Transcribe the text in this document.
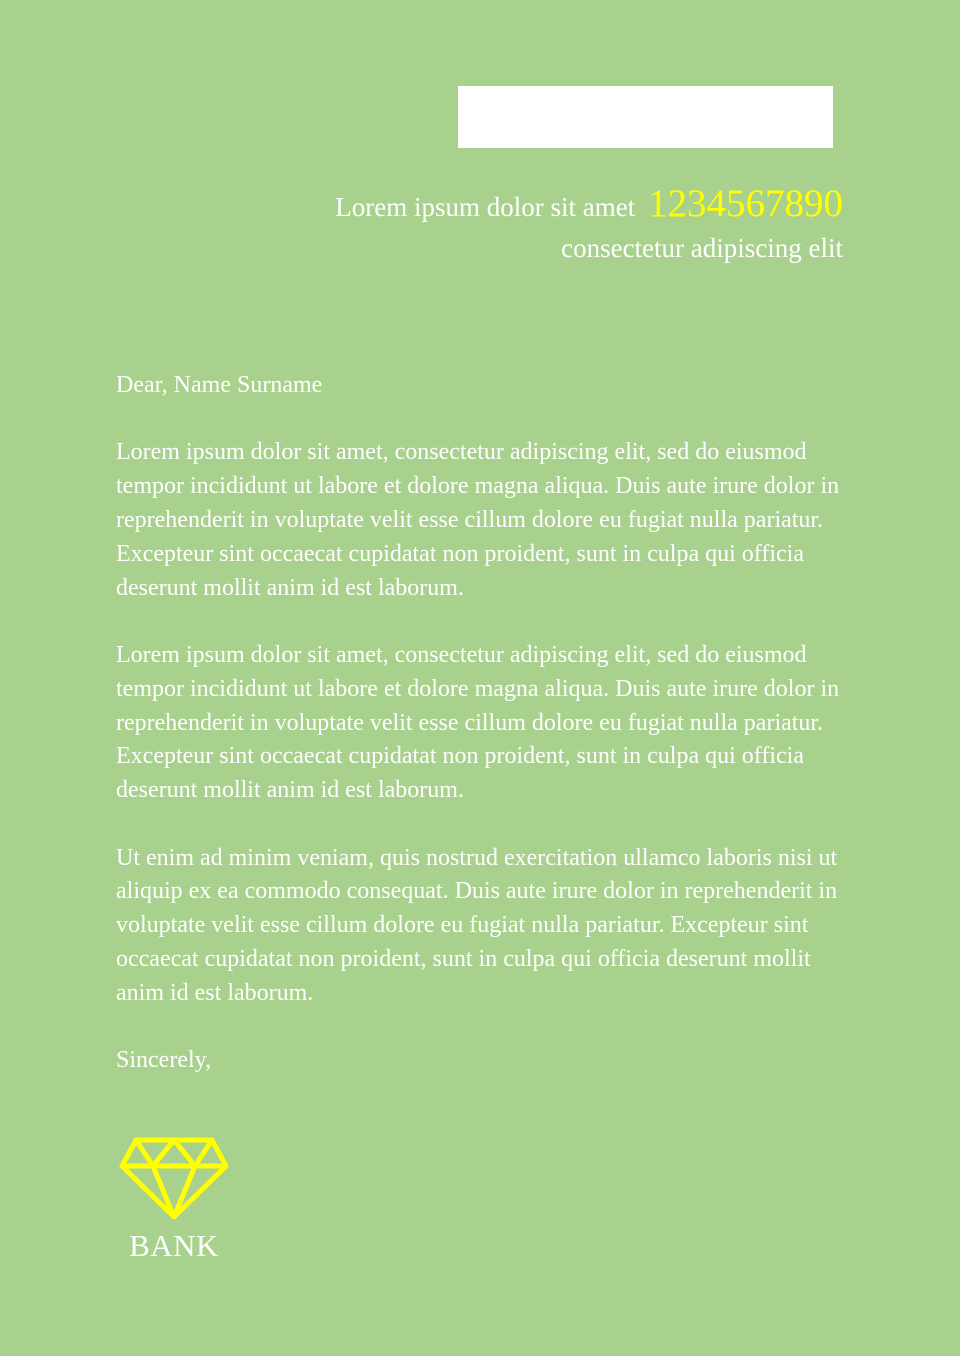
Lorem ipsum dolor sit amet 1234567890
consectetur adipiscing elit

Dear, Name Surname

Lorem ipsum dolor sit amet, consectetur adipiscing elit, sed do eiusmod tempor incididunt ut labore et dolore magna aliqua. Duis aute irure dolor in reprehenderit in voluptate velit esse cillum dolore eu fugiat nulla pariatur. Excepteur sint occaecat cupidatat non proident, sunt in culpa qui officia deserunt mollit anim id est laborum.

Lorem ipsum dolor sit amet, consectetur adipiscing elit, sed do eiusmod tempor incididunt ut labore et dolore magna aliqua. Duis aute irure dolor in reprehenderit in voluptate velit esse cillum dolore eu fugiat nulla pariatur. Excepteur sint occaecat cupidatat non proident, sunt in culpa qui officia deserunt mollit anim id est laborum.

Ut enim ad minim veniam, quis nostrud exercitation ullamco laboris nisi ut aliquip ex ea commodo consequat. Duis aute irure dolor in reprehenderit in voluptate velit esse cillum dolore eu fugiat nulla pariatur. Excepteur sint occaecat cupidatat non proident, sunt in culpa qui officia deserunt mollit anim id est laborum.

Sincerely,

BANK
